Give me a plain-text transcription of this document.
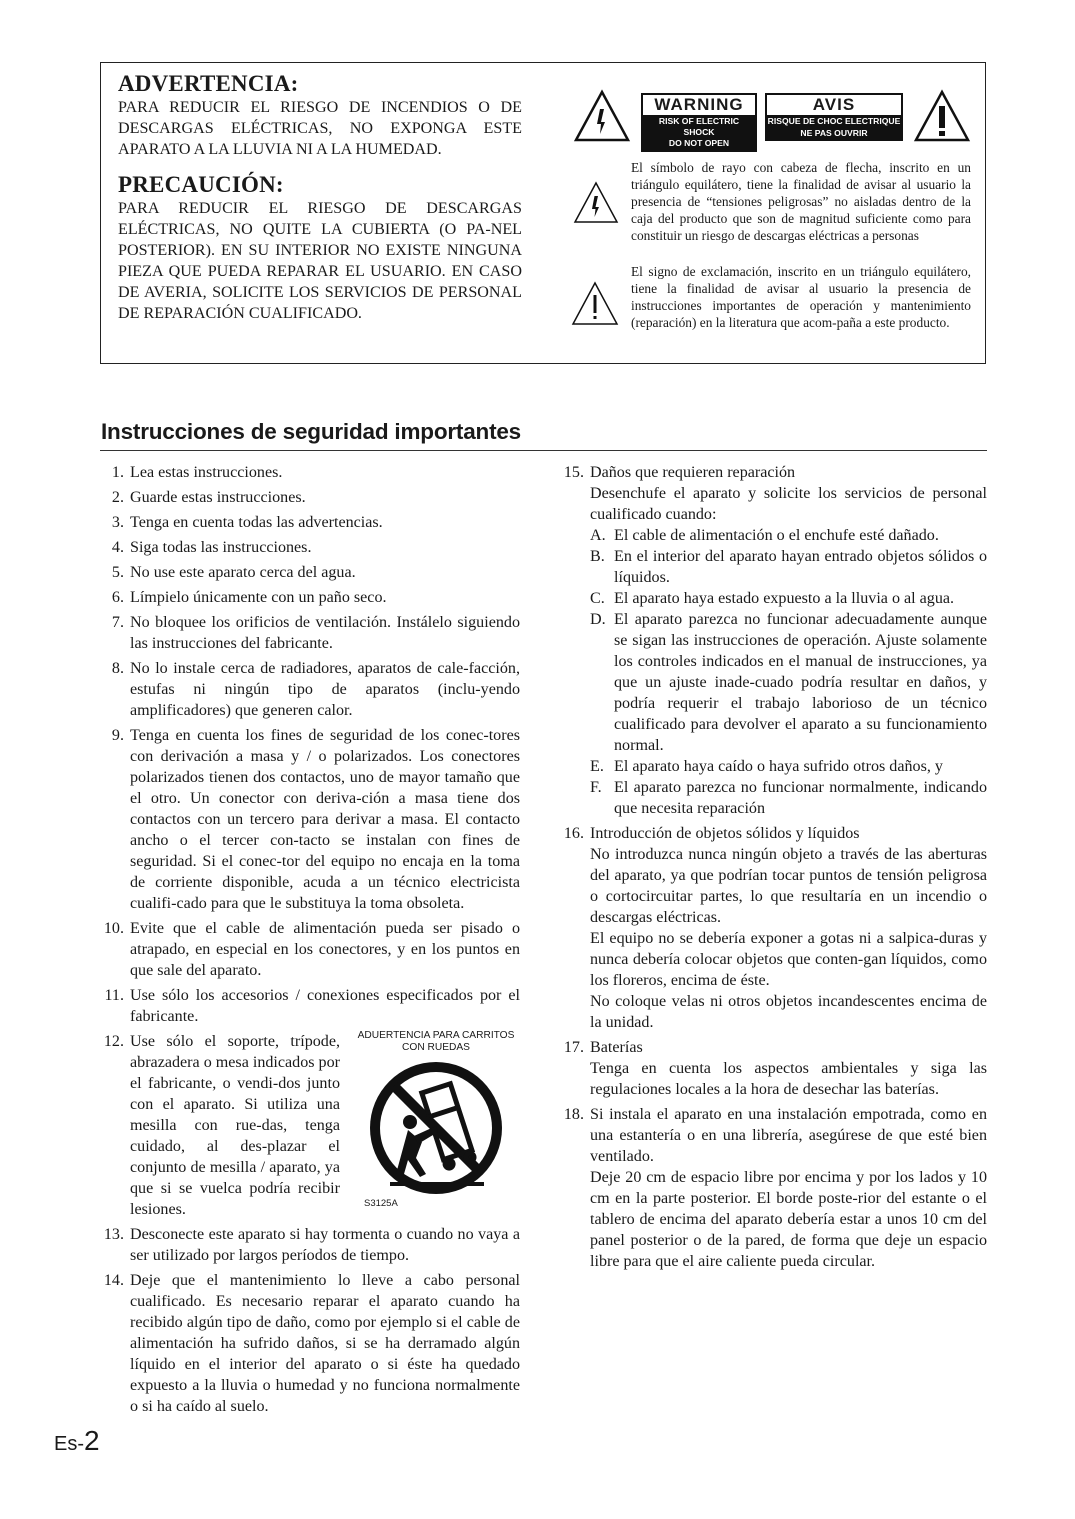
ADVERTENCIA:

PARA REDUCIR EL RIESGO DE INCENDIOS O DE DESCARGAS ELÉCTRICAS, NO EXPONGA ESTE APARATO A LA LLUVIA NI A LA HUMEDAD.

PRECAUCIÓN:

PARA REDUCIR EL RIESGO DE DESCARGAS ELÉCTRICAS, NO QUITE LA CUBIERTA (O PA-NEL POSTERIOR). EN SU INTERIOR NO EXISTE NINGUNA PIEZA QUE PUEDA REPARAR EL USUARIO. EN CASO DE AVERIA, SOLICITE LOS SERVICIOS DE PERSONAL DE REPARACIÓN CUALIFICADO.

WARNING
RISK OF ELECTRIC SHOCK
DO NOT OPEN
AVIS
RISQUE DE CHOC ELECTRIQUE
NE PAS OUVRIR
El símbolo de rayo con cabeza de flecha, inscrito en un triángulo equilátero, tiene la finalidad de avisar al usuario la presencia de “tensiones peligrosas” no aisladas dentro de la caja del producto que son de magnitud suficiente como para constituir un riesgo de descargas eléctricas a personas
El signo de exclamación, inscrito en un triángulo equilátero, tiene la finalidad de avisar al usuario la presencia de instrucciones importantes de operación y mantenimiento (reparación) en la literatura que acom-paña a este producto.
Instrucciones de seguridad importantes
1. Lea estas instrucciones.
2. Guarde estas instrucciones.
3. Tenga en cuenta todas las advertencias.
4. Siga todas las instrucciones.
5. No use este aparato cerca del agua.
6. Límpielo únicamente con un paño seco.
7. No bloquee los orificios de ventilación. Instálelo siguiendo las instrucciones del fabricante.
8. No lo instale cerca de radiadores, aparatos de cale-facción, estufas ni ningún tipo de aparatos (inclu-yendo amplificadores) que generen calor.
9. Tenga en cuenta los fines de seguridad de los conec-tores con derivación a masa y / o polarizados. Los conectores polarizados tienen dos contactos, uno de mayor tamaño que el otro. Un conector con deriva-ción a masa tiene dos contactos con un tercero para derivar a masa. El contacto ancho o el tercer con-tacto se instalan con fines de seguridad. Si el conec-tor del equipo no encaja en la toma de corriente disponible, acuda a un técnico electricista cualifi-cado para que le substituya la toma obsoleta.
10. Evite que el cable de alimentación pueda ser pisado o atrapado, en especial en los conectores, y en los puntos en que sale del aparato.
11. Use sólo los accesorios / conexiones especificados por el fabricante.
12. Use sólo el soporte, trípode, abrazadera o mesa indicados por el fabricante, o vendi-dos junto con el aparato. Si utiliza una mesilla con rue-das, tenga cuidado, al des-plazar el conjunto de mesilla / aparato, ya que si se vuelca podría recibir lesiones.
ADUERTENCIA PARA CARRITOS
CON RUEDAS
S3125A
13. Desconecte este aparato si hay tormenta o cuando no vaya a ser utilizado por largos períodos de tiempo.
14. Deje que el mantenimiento lo lleve a cabo personal cualificado. Es necesario reparar el aparato cuando ha recibido algún tipo de daño, como por ejemplo si el cable de alimentación ha sufrido daños, si se ha derramado algún líquido en el interior del aparato o si éste ha quedado expuesto a la lluvia o humedad y no funciona normalmente o si ha caído al suelo.
15. Daños que requieren reparación

Desenchufe el aparato y solicite los servicios de personal cualificado cuando:

A. El cable de alimentación o el enchufe esté dañado.
B. En el interior del aparato hayan entrado objetos sólidos o líquidos.
C. El aparato haya estado expuesto a la lluvia o al agua.
D. El aparato parezca no funcionar adecuadamente aunque se sigan las instrucciones de operación. Ajuste solamente los controles indicados en el manual de instrucciones, ya que un ajuste inade-cuado podría resultar en daños, y podría requerir el trabajo laborioso de un técnico cualificado para devolver el aparato a su funcionamiento normal.
E. El aparato haya caído o haya sufrido otros daños, y
F. El aparato parezca no funcionar normalmente, indicando que necesita reparación
16. Introducción de objetos sólidos y líquidos

No introduzca nunca ningún objeto a través de las aberturas del aparato, ya que podrían tocar puntos de tensión peligrosa o cortocircuitar partes, lo que resultaría en un incendio o descargas eléctricas.

El equipo no se debería exponer a gotas ni a salpica-duras y nunca debería colocar objetos que conten-gan líquidos, como los floreros, encima de éste.

No coloque velas ni otros objetos incandescentes encima de la unidad.

17. Baterías

Tenga en cuenta los aspectos ambientales y siga las regulaciones locales a la hora de desechar las baterías.

18. Si instala el aparato en una instalación empotrada, como en una estantería o en una librería, asegúrese de que esté bien ventilado.

Deje 20 cm de espacio libre por encima y por los lados y 10 cm en la parte posterior. El borde poste-rior del estante o el tablero de encima del aparato debería estar a unos 10 cm del panel posterior o de la pared, de forma que deje un espacio libre para que el aire caliente pueda circular.

Es-2
